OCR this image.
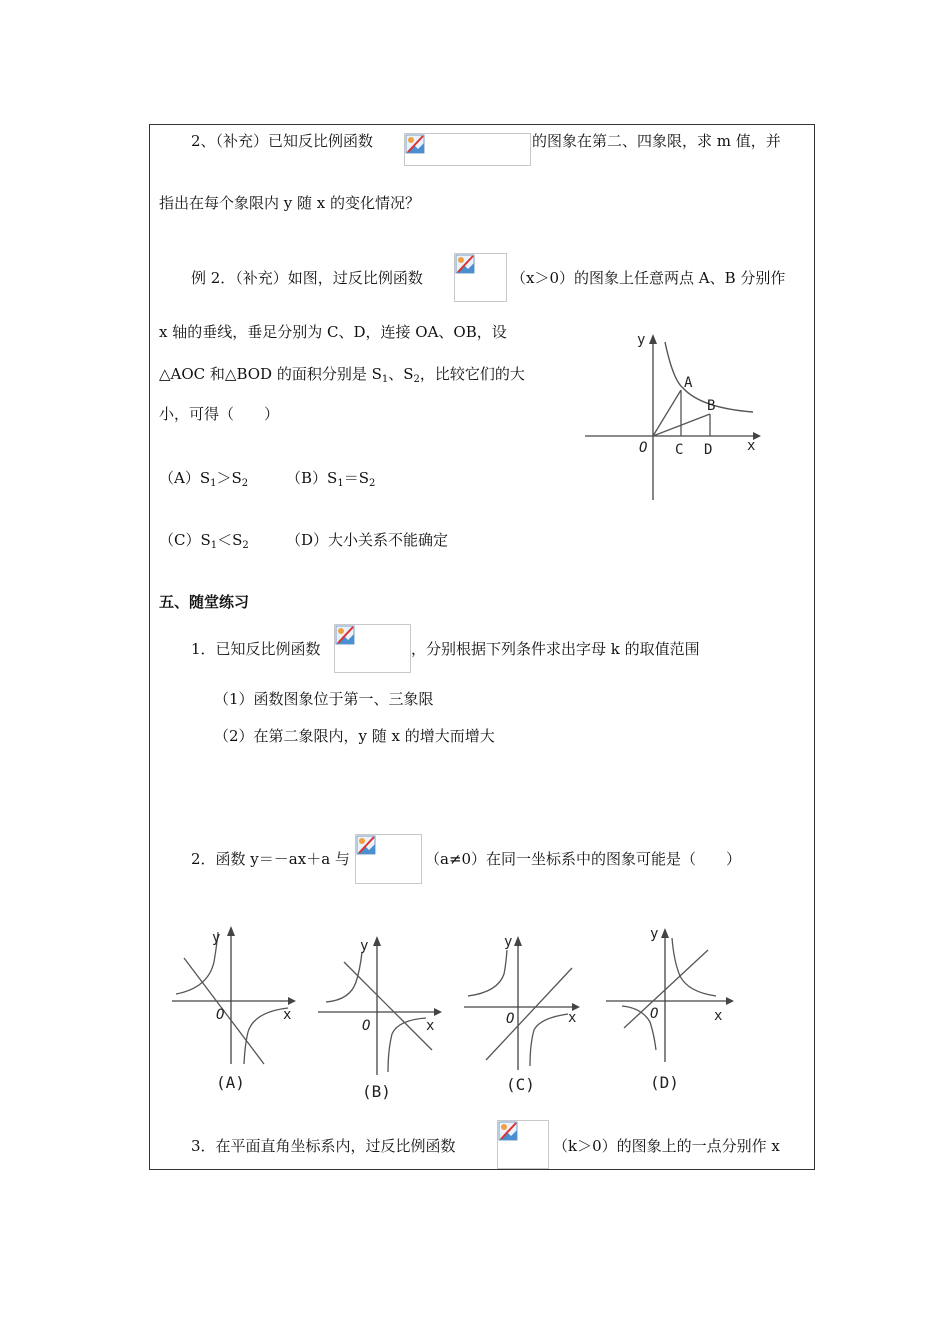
2、（补充）已知反比例函数	的图象在第二、四象限，求 m 值，并
指出在每个象限内 y 随 x 的变化情况？
例 2．（补充）如图，过反比例函数	（x＞0）的图象上任意两点 A、B 分别作
x 轴的垂线，垂足分别为 C、D，连接 OA、OB，设
△AOC 和△BOD 的面积分别是 $S_1$、$S_2$，比较它们的大
小，可得（　　）
y
x
O
A
B
C D
$(A)S_1>S_2$	$(B)S_1=S_2$
$(C)S_1<S_2$ （D）大小关系不能确定
五、随堂练习
1．已知反比例函数	，分别根据下列条件求出字母 k 的取值范围
（1）函数图象位于第一、三象限
（2）在第二象限内，y 随 x 的增大而增大
2．函数 y＝－ax＋a 与	（a≠0）在同一坐标系中的图象可能是（　　）
y
x
O
(A)
y
x
O
(B)
y
x
O
(C)
y
x
O
(D)
3．在平面直角坐标系内，过反比例函数	（k＞0）的图象上的一点分别作 x
